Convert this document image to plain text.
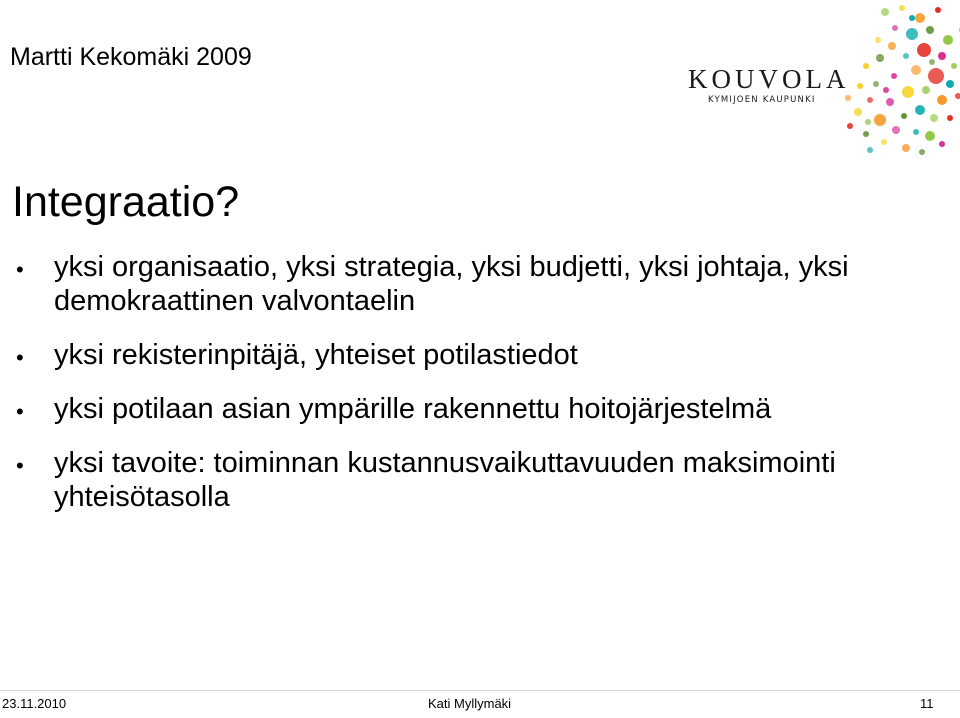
Martti Kekomäki 2009
KOUVOLA
KYMIJOEN KAUPUNKI
Integraatio?
• yksi organisaatio, yksi strategia, yksi budjetti, yksi johtaja, yksi demokraattinen valvontaelin
• yksi rekisterinpitäjä, yhteiset potilastiedot
• yksi potilaan asian ympärille rakennettu hoitojärjestelmä
• yksi tavoite: toiminnan kustannusvaikuttavuuden maksimointi yhteisötasolla
23.11.2010	Kati Myllymäki	11
